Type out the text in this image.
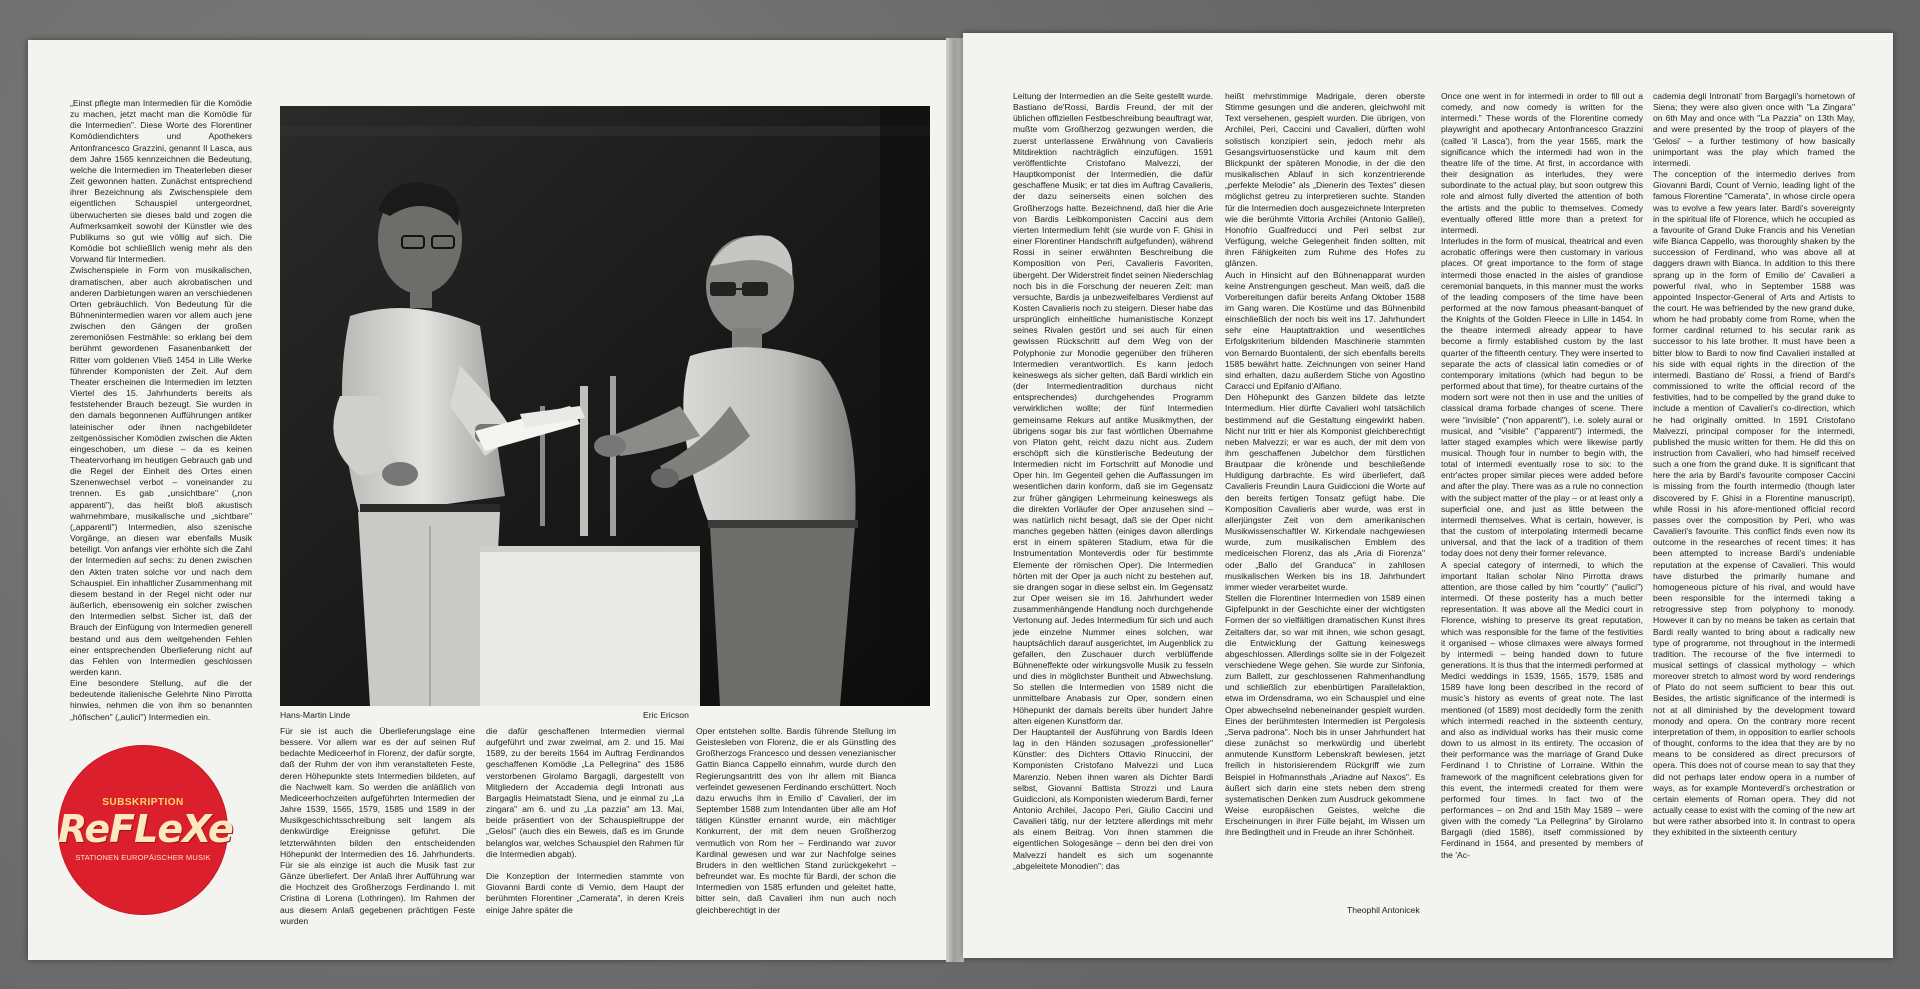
„Einst pflegte man Intermedien für die Komödie zu machen, jetzt macht man die Komödie für die Intermedien". Diese Worte des Florentiner Komödiendichters und Apothekers Antonfrancesco Grazzini, genannt Il Lasca, aus dem Jahre 1565 kennzeichnen die Bedeutung, welche die Intermedien im Theaterleben dieser Zeit gewonnen hatten. Zunächst entsprechend ihrer Bezeichnung als Zwischenspiele dem eigentlichen Schauspiel untergeordnet, überwucherten sie dieses bald und zogen die Aufmerksamkeit sowohl der Künstler wie des Publikums so gut wie völlig auf sich. Die Komödie bot schließlich wenig mehr als den Vorwand für Intermedien.
Zwischenspiele in Form von musikalischen, dramatischen, aber auch akrobatischen und anderen Darbietungen waren an verschiedenen Orten gebräuchlich. Von Bedeutung für die Bühnenintermedien waren vor allem auch jene zwischen den Gängen der großen zeremoniösen Festmähle: so erklang bei dem berühmt gewordenen Fasanenbankett der Ritter vom goldenen Vließ 1454 in Lille Werke führender Komponisten der Zeit. Auf dem Theater erscheinen die Intermedien im letzten Viertel des 15. Jahrhunderts bereits als feststehender Brauch bezeugt. Sie wurden in den damals begonnenen Aufführungen antiker lateinischer oder ihnen nachgebildeter zeitgenössischer Komödien zwischen die Akten eingeschoben, um diese – da es keinen Theatervorhang im heutigen Gebrauch gab und die Regel der Einheit des Ortes einen Szenenwechsel verbot – voneinander zu trennen. Es gab „unsichtbare" („non apparenti"), das heißt bloß akustisch wahrnehmbare, musikalische und „sichtbare" („apparenti") Intermedien, also szenische Vorgänge, an diesen war ebenfalls Musik beteiligt. Von anfangs vier erhöhte sich die Zahl der Intermedien auf sechs: zu denen zwischen den Akten traten solche vor und nach dem Schauspiel. Ein inhaltlicher Zusammenhang mit diesem bestand in der Regel nicht oder nur äußerlich, ebensowenig ein solcher zwischen den Intermedien selbst. Sicher ist, daß der Brauch der Einfügung von Intermedien generell bestand und aus dem weitgehenden Fehlen einer entsprechenden Überlieferung nicht auf das Fehlen von Intermedien geschlossen werden kann.
Eine besondere Stellung, auf die der bedeutende italienische Gelehrte Nino Pirrotta hinwies, nehmen die von ihm so benannten „höfischen" („aulici") Intermedien ein.	Hans-Martin Linde	Eric Ericson
Für sie ist auch die Überlieferungslage eine bessere. Vor allem war es der auf seinen Ruf bedachte Mediceerhof in Florenz, der dafür sorgte, daß der Ruhm der von ihm veranstalteten Feste, deren Höhepunkte stets Intermedien bildeten, auf die Nachwelt kam. So werden die anläßlich von Mediceerhochzeiten aufgeführten Intermedien der Jahre 1539, 1565, 1579, 1585 und 1589 in der Musikgeschichtsschreibung seit langem als denkwürdige Ereignisse geführt. Die letzterwähnten bilden den entscheidenden Höhepunkt der Intermedien des 16. Jahrhunderts. Für sie als einzige ist auch die Musik fast zur Gänze überliefert. Der Anlaß ihrer Aufführung war die Hochzeit des Großherzogs Ferdinando I. mit Cristina di Lorena (Lothringen). Im Rahmen der aus diesem Anlaß gegebenen prächtigen Feste wurden
die dafür geschaffenen Intermedien viermal aufgeführt und zwar zweimal, am 2. und 15. Mai 1589, zu der bereits 1564 im Auftrag Ferdinandos geschaffenen Komödie „La Pellegrina" des 1586 verstorbenen Girolamo Bargagli, dargestellt von Mitgliedern der Accademia degli Intronati aus Bargaglis Heimatstadt Siena, und je einmal zu „La zingara" am 6. und zu „La pazzia" am 13. Mai, beide präsentiert von der Schauspieltruppe der „Gelosi" (auch dies ein Beweis, daß es im Grunde belanglos war, welches Schauspiel den Rahmen für die Intermedien abgab).

Die Konzeption der Intermedien stammte von Giovanni Bardi conte di Vernio, dem Haupt der berühmten Florentiner „Camerata", in deren Kreis einige Jahre später die
Oper entstehen sollte. Bardis führende Stellung im Geistesleben von Florenz, die er als Günstling des Großherzogs Francesco und dessen venezianischer Gattin Bianca Cappello einnahm, wurde durch den Regierungsantritt des von ihr allem mit Bianca verfeindet gewesenen Ferdinando erschüttert. Noch dazu erwuchs ihm in Emilio d' Cavalieri, der im September 1588 zum Intendanten über alle am Hof tätigen Künstler ernannt wurde, ein mächtiger Konkurrent, der mit dem neuen Großherzog vermutlich von Rom her – Ferdinando war zuvor Kardinal gewesen und war zur Nachfolge seines Bruders in den weltlichen Stand zurückgekehrt – befreundet war. Es mochte für Bardi, der schon die Intermedien von 1585 erfunden und geleitet hatte, bitter sein, daß Cavalieri ihm nun auch noch gleichberechtigt in der
SUBSKRIPTION
ReFLeXe
STATIONEN EUROPÄISCHER MUSIK
Leitung der Intermedien an die Seite gestellt wurde. Bastiano de'Rossi, Bardis Freund, der mit der üblichen offiziellen Festbeschreibung beauftragt war, mußte vom Großherzog gezwungen werden, die zuerst unterlassene Erwähnung von Cavalieris Mitdirektion nachträglich einzufügen. 1591 veröffentlichte Cristofano Malvezzi, der Hauptkomponist der Intermedien, die dafür geschaffene Musik; er tat dies im Auftrag Cavalieris, der dazu seinerseits einen solchen des Großherzogs hatte. Bezeichnend, daß hier die Arie von Bardis Leibkomponisten Caccini aus dem vierten Intermedium fehlt (sie wurde von F. Ghisi in einer Florentiner Handschrift aufgefunden), während Rossi in seiner erwähnten Beschreibung die Komposition von Peri, Cavalieris Favoriten, übergeht. Der Widerstreit findet seinen Niederschlag noch bis in die Forschung der neueren Zeit: man versuchte, Bardis ja unbezweifelbares Verdienst auf Kosten Cavalieris noch zu steigern. Dieser habe das ursprünglich einheitliche humanistische Konzept seines Rivalen gestört und sei auch für einen gewissen Rückschritt auf dem Weg von der Polyphonie zur Monodie gegenüber den früheren Intermedien verantwortlich. Es kann jedoch keineswegs als sicher gelten, daß Bardi wirklich ein (der Intermedientradition durchaus nicht entsprechendes) durchgehendes Programm verwirklichen wollte; der fünf Intermedien gemeinsame Rekurs auf antike Musikmythen, der übrigens sogar bis zur fast wörtlichen Übernahme von Platon geht, reicht dazu nicht aus. Zudem erschöpft sich die künstlerische Bedeutung der Intermedien nicht im Fortschritt auf Monodie und Oper hin. Im Gegenteil gehen die Auffassungen im wesentlichen darin konform, daß sie im Gegensatz zur früher gängigen Lehrmeinung keineswegs als die direkten Vorläufer der Oper anzusehen sind – was natürlich nicht besagt, daß sie der Oper nicht manches gegeben hätten (einiges davon allerdings erst in einem späteren Stadium, etwa für die Instrumentation Monteverdis oder für bestimmte Elemente der römischen Oper). Die Intermedien hörten mit der Oper ja auch nicht zu bestehen auf, sie drangen sogar in diese selbst ein. Im Gegensatz zur Oper weisen sie im 16. Jahrhundert weder zusammenhängende Handlung noch durchgehende Vertonung auf. Jedes Intermedium für sich und auch jede einzelne Nummer eines solchen, war hauptsächlich darauf ausgerichtet, im Augenblick zu gefallen, den Zuschauer durch verblüffende Bühneneffekte oder wirkungsvolle Musik zu fesseln und dies in möglichster Buntheit und Abwechslung. So stellen die Intermedien von 1589 nicht die unmittelbare Anabasis zur Oper, sondern einen Höhepunkt der damals bereits über hundert Jahre alten eigenen Kunstform dar.
Der Hauptanteil der Ausführung von Bardis Ideen lag in den Händen sozusagen „professioneller" Künstler: des Dichters Ottavio Rinuccini, der Komponisten Cristofano Malvezzi und Luca Marenzio. Neben ihnen waren als Dichter Bardi selbst, Giovanni Battista Strozzi und Laura Guidiccioni, als Komponisten wiederum Bardi, ferner Antonio Archilei, Jacopo Peri, Giulio Caccini und Cavalieri tätig, nur der letztere allerdings mit mehr als einem Beitrag. Von ihnen stammen die eigentlichen Sologesänge – denn bei den drei von Malvezzi handelt es sich um sogenannte „abgeleitete Monodien": das
heißt mehrstimmige Madrigale, deren oberste Stimme gesungen und die anderen, gleichwohl mit Text versehenen, gespielt wurden. Die übrigen, von Archilei, Peri, Caccini und Cavalieri, dürften wohl solistisch konzipiert sein, jedoch mehr als Gesangsvirtuosenstücke und kaum mit dem Blickpunkt der späteren Monodie, in der die den musikalischen Ablauf in sich konzentrierende „perfekte Melodie" als „Dienerin des Textes" diesen möglichst getreu zu interpretieren suchte. Standen für die Intermedien doch ausgezeichnete Interpreten wie die berühmte Vittoria Archilei (Antonio Galilei), Honofrio Gualfreducci und Peri selbst zur Verfügung, welche Gelegenheit finden sollten, mit ihren Fähigkeiten zum Ruhme des Hofes zu glänzen.
Auch in Hinsicht auf den Bühnenapparat wurden keine Anstrengungen gescheut. Man weiß, daß die Vorbereitungen dafür bereits Anfang Oktober 1588 im Gang waren. Die Kostüme und das Bühnenbild einschließlich der noch bis weit ins 17. Jahrhundert sehr eine Hauptattraktion und wesentliches Erfolgskriterium bildenden Maschinerie stammten von Bernardo Buontalenti, der sich ebenfalls bereits 1585 bewährt hatte. Zeichnungen von seiner Hand sind erhalten, dazu außerdem Stiche von Agostino Caracci und Epifanio d'Alfiano.
Den Höhepunkt des Ganzen bildete das letzte Intermedium. Hier dürfte Cavalieri wohl tatsächlich bestimmend auf die Gestaltung eingewirkt haben. Nicht nur tritt er hier als Komponist gleichberechtigt neben Malvezzi; er war es auch, der mit dem von ihm geschaffenen Jubelchor dem fürstlichen Brautpaar die krönende und beschließende Huldigung darbrachte. Es wird überliefert, daß Cavalieris Freundin Laura Guidiccioni die Worte auf den bereits fertigen Tonsatz gefügt habe. Die Komposition Cavalieris aber wurde, was erst in allerjüngster Zeit von dem amerikanischen Musikwissenschaftler W. Kirkendale nachgewiesen wurde, zum musikalischen Emblem des mediceischen Florenz, das als „Aria di Fiorenza" oder „Ballo del Granduca" in zahllosen musikalischen Werken bis ins 18. Jahrhundert immer wieder verarbeitet wurde.
Stellen die Florentiner Intermedien von 1589 einen Gipfelpunkt in der Geschichte einer der wichtigsten Formen der so vielfältigen dramatischen Kunst ihres Zeitalters dar, so war mit ihnen, wie schon gesagt, die Entwicklung der Gattung keineswegs abgeschlossen. Allerdings sollte sie in der Folgezeit verschiedene Wege gehen. Sie wurde zur Sinfonia, zum Ballett, zur geschlossenen Rahmenhandlung und schließlich zur ebenbürtigen Parallelaktion, etwa im Ordensdrama, wo ein Schauspiel und eine Oper abwechselnd nebeneinander gespielt wurden. Eines der berühmtesten Intermedien ist Pergolesis „Serva padrona". Noch bis in unser Jahrhundert hat diese zunächst so merkwürdig und überlebt anmutende Kunstform Lebenskraft bewiesen, jetzt freilich in historisierendem Rückgriff wie zum Beispiel in Hofmannsthals „Ariadne auf Naxos". Es äußert sich darin eine stets neben dem streng systematischen Denken zum Ausdruck gekommene Weise europäischen Geistes, welche die Erscheinungen in ihrer Fülle bejaht, im Wissen um ihre Bedingtheit und in Freude an ihrer Schönheit.
Theophil Antonicek
Once one went in for intermedi in order to fill out a comedy, and now comedy is written for the intermedi." These words of the Florentine comedy playwright and apothecary Antonfrancesco Grazzini (called 'il Lasca'), from the year 1565, mark the significance which the intermedi had won in the theatre life of the time. At first, in accordance with their designation as interludes, they were subordinate to the actual play, but soon outgrew this role and almost fully diverted the attention of both the artists and the public to themselves. Comedy eventually offered little more than a pretext for intermedi.
Interludes in the form of musical, theatrical and even acrobatic offerings were then customary in various places. Of great importance to the form of stage intermedi those enacted in the aisles of grandiose ceremonial banquets, in this manner must the works of the leading composers of the time have been performed at the now famous pheasant-banquet of the Knights of the Golden Fleece in Lille in 1454. In the theatre intermedi already appear to have become a firmly established custom by the last quarter of the fifteenth century. They were inserted to separate the acts of classical latin comedies or of contemporary imitations (which had begun to be performed about that time), for theatre curtains of the modern sort were not then in use and the unities of classical drama forbade changes of scene. There were "invisible" ("non apparenti"), i.e. solely aural or musical, and "visible" ("apparenti") intermedi, the latter staged examples which were likewise partly musical. Though four in number to begin with, the total of intermedi eventually rose to six: to the entr'actes proper similar pieces were added before and after the play. There was as a rule no connection with the subject matter of the play – or at least only a superficial one, and just as little between the intermedi themselves. What is certain, however, is that the custom of interpolating intermedi became universal, and that the lack of a tradition of them today does not deny their former relevance.
A special category of intermedi, to which the important Italian scholar Nino Pirrotta draws attention, are those called by him "courtly" ("aulici") intermedi. Of these posterity has a much better representation. It was above all the Medici court in Florence, wishing to preserve its great reputation, which was responsible for the fame of the festivities it organised – whose climaxes were always formed by intermedi – being handed down to future generations. It is thus that the intermedi performed at Medici weddings in 1539, 1565, 1579, 1585 and 1589 have long been described in the record of music's history as events of great note. The last mentioned (of 1589) most decidedly form the zenith which intermedi reached in the sixteenth century, and also as individual works has their music come down to us almost in its entirety. The occasion of their performance was the marriage of Grand Duke Ferdinand I to Christine of Lorraine. Within the framework of the magnificent celebrations given for this event, the intermedi created for them were performed four times. In fact two of the performances – on 2nd and 15th May 1589 – were given with the comedy "La Pellegrina" by Girolamo Bargagli (died 1586), itself commissioned by Ferdinand in 1564, and presented by members of the 'Ac-
cademia degli Intronati' from Bargagli's hometown of Siena; they were also given once with "La Zingara" on 6th May and once with "La Pazzia" on 13th May, and were presented by the troop of players of the 'Gelosi' – a further testimony of how basically unimportant was the play which framed the intermedi.
The conception of the intermedio derives from Giovanni Bardi, Count of Vernio, leading light of the famous Florentine "Camerata", in whose circle opera was to evolve a few years later. Bardi's sovereignty in the spiritual life of Florence, which he occupied as a favourite of Grand Duke Francis and his Venetian wife Bianca Cappello, was thoroughly shaken by the succession of Ferdinand, who was above all at daggers drawn with Bianca. In addition to this there sprang up in the form of Emilio de' Cavalieri a powerful rival, who in September 1588 was appointed Inspector-General of Arts and Artists to the court. He was befriended by the new grand duke, whom he had probably come from Rome, when the former cardinal returned to his secular rank as successor to his late brother. It must have been a bitter blow to Bardi to now find Cavalieri installed at his side with equal rights in the direction of the intermedi. Bastiano de' Rossi, a friend of Bardi's commissioned to write the official record of the festivities, had to be compelled by the grand duke to include a mention of Cavalieri's co-direction, which he had originally omitted. In 1591 Cristofano Malvezzi, principal composer for the intermedi, published the music written for them. He did this on instruction from Cavalieri, who had himself received such a one from the grand duke. It is significant that here the aria by Bardi's favourite composer Caccini is missing from the fourth intermedio (though later discovered by F. Ghisi in a Florentine manuscript), while Rossi in his afore-mentioned official record passes over the composition by Peri, who was Cavalieri's favourite. This conflict finds even now its outcome in the researches of recent times: it has been attempted to increase Bardi's undeniable reputation at the expense of Cavalieri. This would have disturbed the primarily humane and homogeneous picture of his rival, and would have been responsible for the intermedi taking a retrogressive step from polyphony to monody. However it can by no means be taken as certain that Bardi really wanted to bring about a radically new type of programme, not throughout in the intermedi tradition. The recourse of the five intermedi to musical settings of classical mythology – which moreover stretch to almost word by word renderings of Plato do not seem sufficient to bear this out. Besides, the artistic significance of the intermedi is not at all diminished by the development toward monody and opera. On the contrary more recent interpretation of them, in opposition to earlier schools of thought, conforms to the idea that they are by no means to be considered as direct precursors of opera. This does not of course mean to say that they did not perhaps later endow opera in a number of ways, as for example Monteverdi's orchestration or certain elements of Roman opera. They did not actually cease to exist with the coming of the new art but were rather absorbed into it. In contrast to opera they exhibited in the sixteenth century
